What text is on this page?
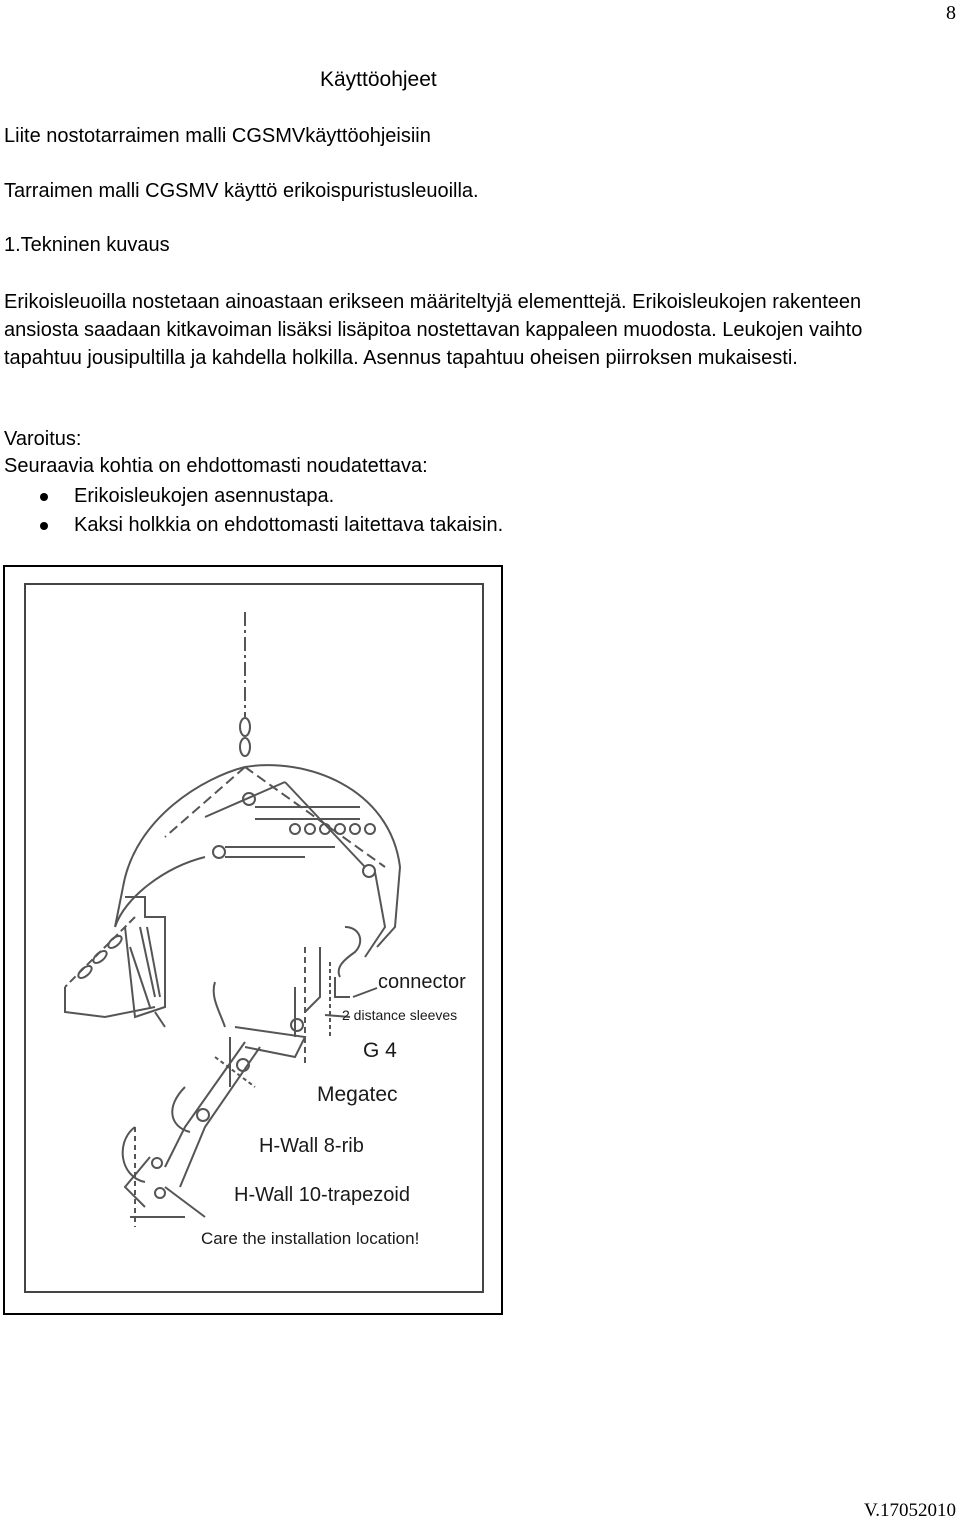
8
Käyttöohjeet
Liite nostotarraimen malli CGSMVkäyttöohjeisiin
Tarraimen malli CGSMV käyttö erikoispuristusleuoilla.
1.Tekninen kuvaus
Erikoisleuoilla nostetaan ainoastaan erikseen määriteltyjä elementtejä. Erikoisleukojen rakenteen ansiosta saadaan kitkavoiman lisäksi lisäpitoa nostettavan kappaleen muodosta. Leukojen vaihto tapahtuu jousipultilla ja kahdella holkilla. Asennus tapahtuu oheisen piirroksen mukaisesti.
Varoitus:
Seuraavia kohtia on ehdottomasti noudatettava:
Erikoisleukojen asennustapa.
Kaksi holkkia on ehdottomasti laitettava takaisin.
connector
2 distance sleeves
G 4
Megatec
H-Wall 8-rib
H-Wall 10-trapezoid
Care the installation location!
V.17052010
